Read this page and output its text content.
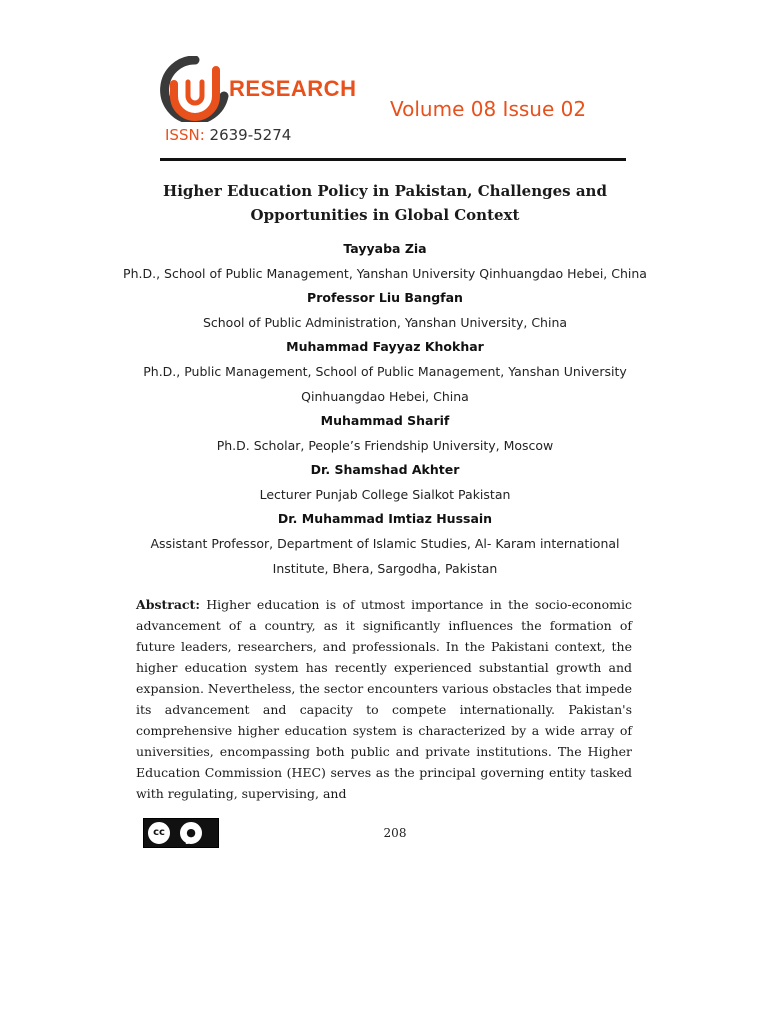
RESEARCH
Volume 08 Issue 02
ISSN: 2639-5274
Higher Education Policy in Pakistan, Challenges and
Opportunities in Global Context
Tayyaba Zia
Ph.D., School of Public Management, Yanshan University Qinhuangdao Hebei, China
Professor Liu Bangfan
School of Public Administration, Yanshan University, China
Muhammad Fayyaz Khokhar
Ph.D., Public Management, School of Public Management, Yanshan University
Qinhuangdao Hebei, China
Muhammad Sharif
Ph.D. Scholar, People’s Friendship University, Moscow
Dr. Shamshad Akhter
Lecturer Punjab College Sialkot Pakistan
Dr. Muhammad Imtiaz Hussain
Assistant Professor, Department of Islamic Studies, Al- Karam international
Institute, Bhera, Sargodha, Pakistan
Abstract: Higher education is of utmost importance in the socio-economic advancement of a country, as it significantly influences the formation of future leaders, researchers, and professionals. In the Pakistani context, the higher education system has recently experienced substantial growth and expansion. Nevertheless, the sector encounters various obstacles that impede its advancement and capacity to compete internationally. Pakistan's comprehensive higher education system is characterized by a wide array of universities, encompassing both public and private institutions. The Higher Education Commission (HEC) serves as the principal governing entity tasked with regulating, supervising, and
cc	●
BY
208
